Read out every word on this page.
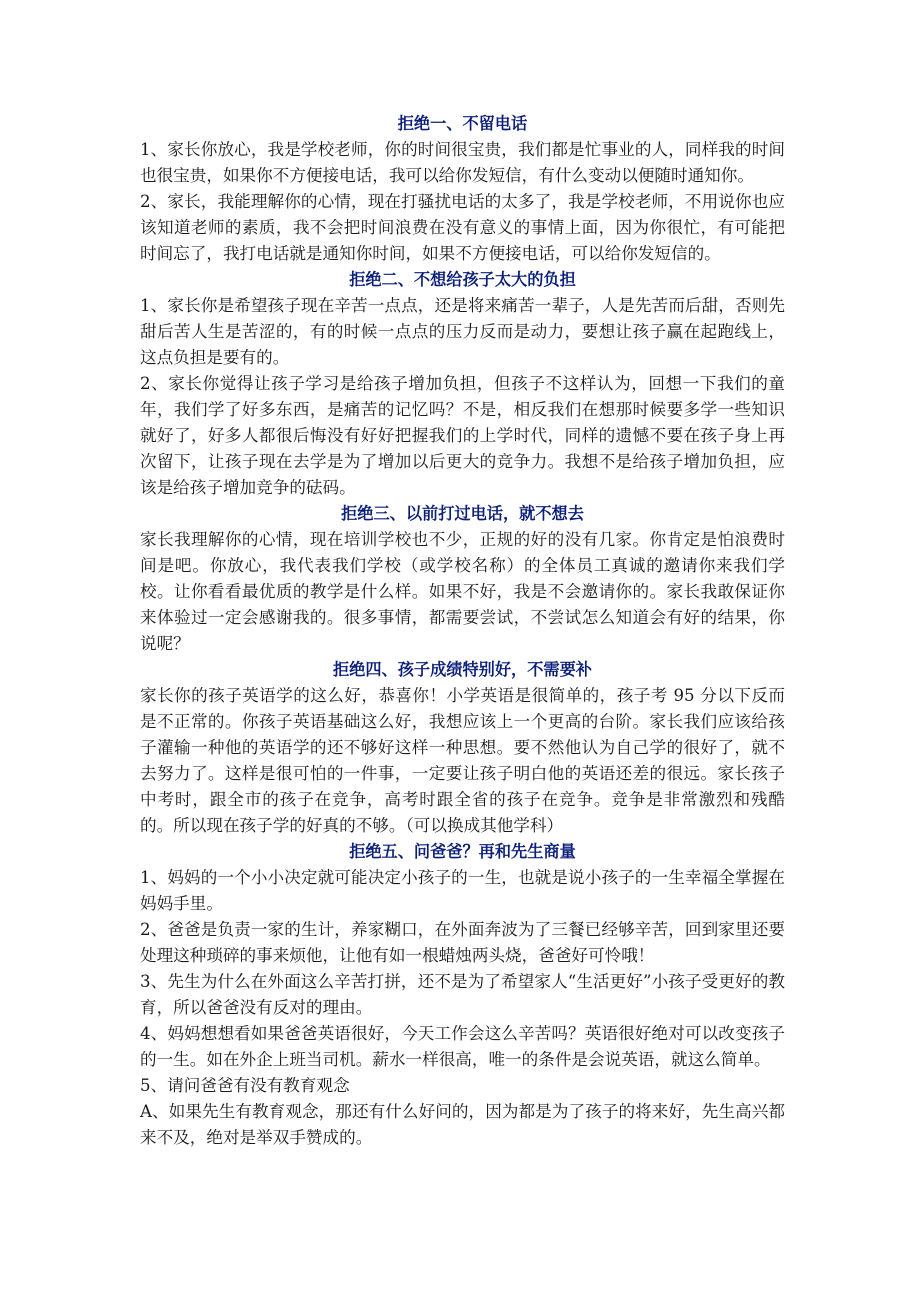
拒绝一、不留电话

1、家长你放心，我是学校老师，你的时间很宝贵，我们都是忙事业的人，同样我的时间也很宝贵，如果你不方便接电话，我可以给你发短信，有什么变动以便随时通知你。

2、家长，我能理解你的心情，现在打骚扰电话的太多了，我是学校老师，不用说你也应该知道老师的素质，我不会把时间浪费在没有意义的事情上面，因为你很忙，有可能把时间忘了，我打电话就是通知你时间，如果不方便接电话，可以给你发短信的。

拒绝二、不想给孩子太大的负担

1、家长你是希望孩子现在辛苦一点点，还是将来痛苦一辈子，人是先苦而后甜，否则先甜后苦人生是苦涩的，有的时候一点点的压力反而是动力，要想让孩子赢在起跑线上，这点负担是要有的。

2、家长你觉得让孩子学习是给孩子增加负担，但孩子不这样认为，回想一下我们的童年，我们学了好多东西，是痛苦的记忆吗？不是，相反我们在想那时候要多学一些知识就好了，好多人都很后悔没有好好把握我们的上学时代，同样的遗憾不要在孩子身上再次留下，让孩子现在去学是为了增加以后更大的竞争力。我想不是给孩子增加负担，应该是给孩子增加竞争的砝码。

拒绝三、以前打过电话，就不想去

家长我理解你的心情，现在培训学校也不少，正规的好的没有几家。你肯定是怕浪费时间是吧。你放心，我代表我们学校（或学校名称）的全体员工真诚的邀请你来我们学校。让你看看最优质的教学是什么样。如果不好，我是不会邀请你的。家长我敢保证你来体验过一定会感谢我的。很多事情，都需要尝试，不尝试怎么知道会有好的结果，你说呢？

拒绝四、孩子成绩特别好，不需要补

家长你的孩子英语学的这么好，恭喜你！小学英语是很简单的，孩子考 95 分以下反而是不正常的。你孩子英语基础这么好，我想应该上一个更高的台阶。家长我们应该给孩子灌输一种他的英语学的还不够好这样一种思想。要不然他认为自己学的很好了，就不去努力了。这样是很可怕的一件事，一定要让孩子明白他的英语还差的很远。家长孩子中考时，跟全市的孩子在竞争，高考时跟全省的孩子在竞争。竞争是非常激烈和残酷的。所以现在孩子学的好真的不够。（可以换成其他学科）

拒绝五、问爸爸？再和先生商量

1、妈妈的一个小小决定就可能决定小孩子的一生，也就是说小孩子的一生幸福全掌握在妈妈手里。

2、爸爸是负责一家的生计，养家糊口，在外面奔波为了三餐已经够辛苦，回到家里还要处理这种琐碎的事来烦他，让他有如一根蜡烛两头烧，爸爸好可怜哦！

3、先生为什么在外面这么辛苦打拼，还不是为了希望家人“生活更好”小孩子受更好的教育，所以爸爸没有反对的理由。

4、妈妈想想看如果爸爸英语很好，今天工作会这么辛苦吗？英语很好绝对可以改变孩子的一生。如在外企上班当司机。薪水一样很高，唯一的条件是会说英语，就这么简单。

5、请问爸爸有没有教育观念

A、如果先生有教育观念，那还有什么好问的，因为都是为了孩子的将来好，先生高兴都来不及，绝对是举双手赞成的。
